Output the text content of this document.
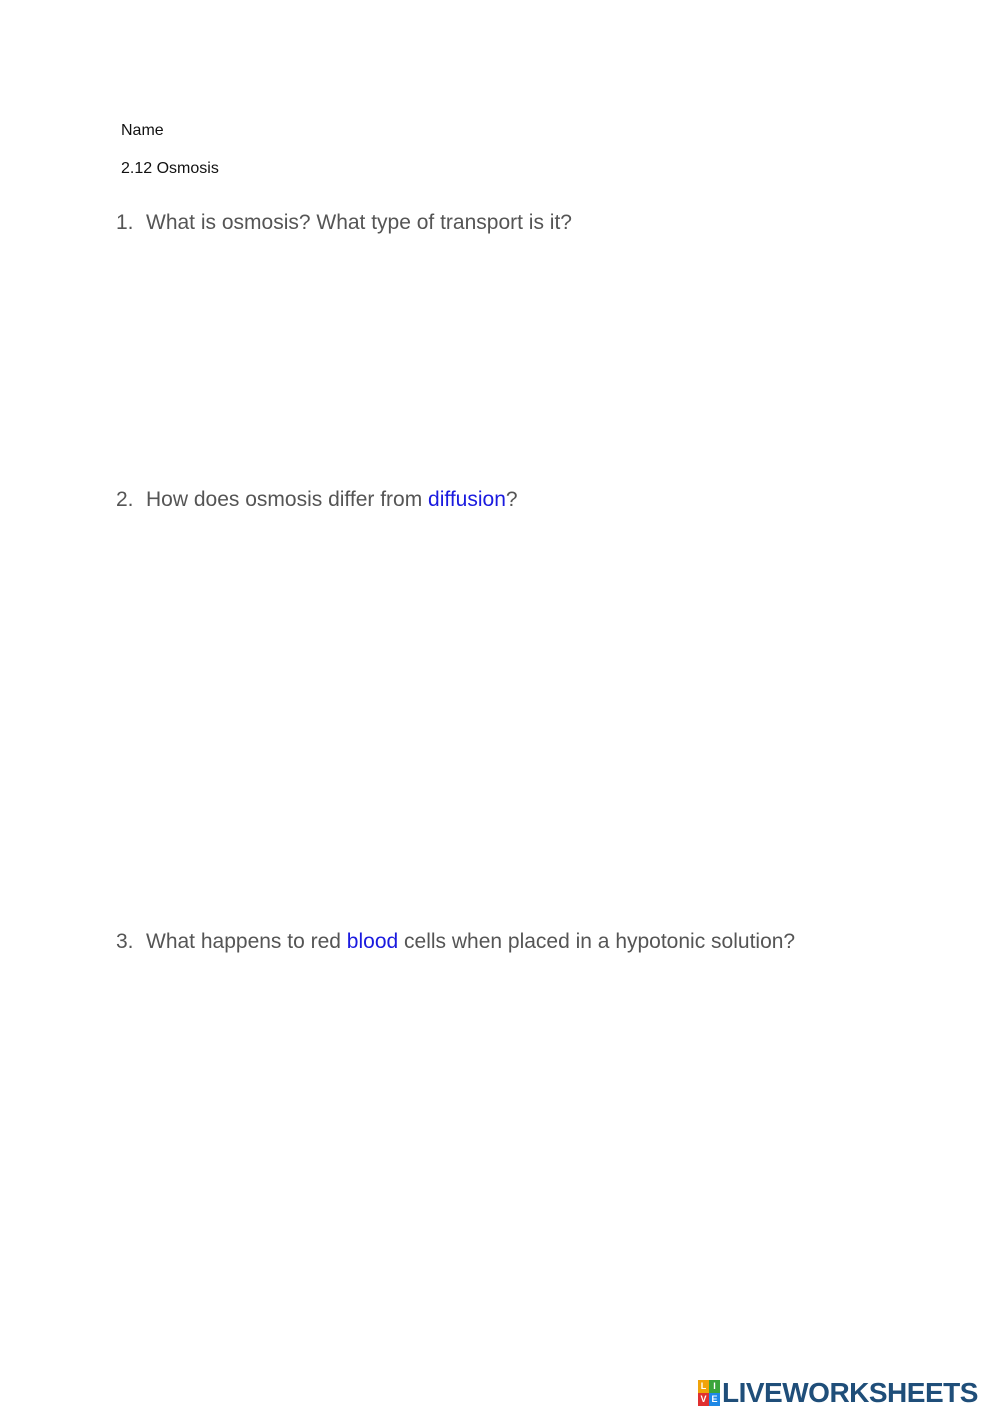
Name
2.12 Osmosis
1. What is osmosis? What type of transport is it?
2. How does osmosis differ from diffusion?
3. What happens to red blood cells when placed in a hypotonic solution?
L I
V E LIVEWORKSHEETS
